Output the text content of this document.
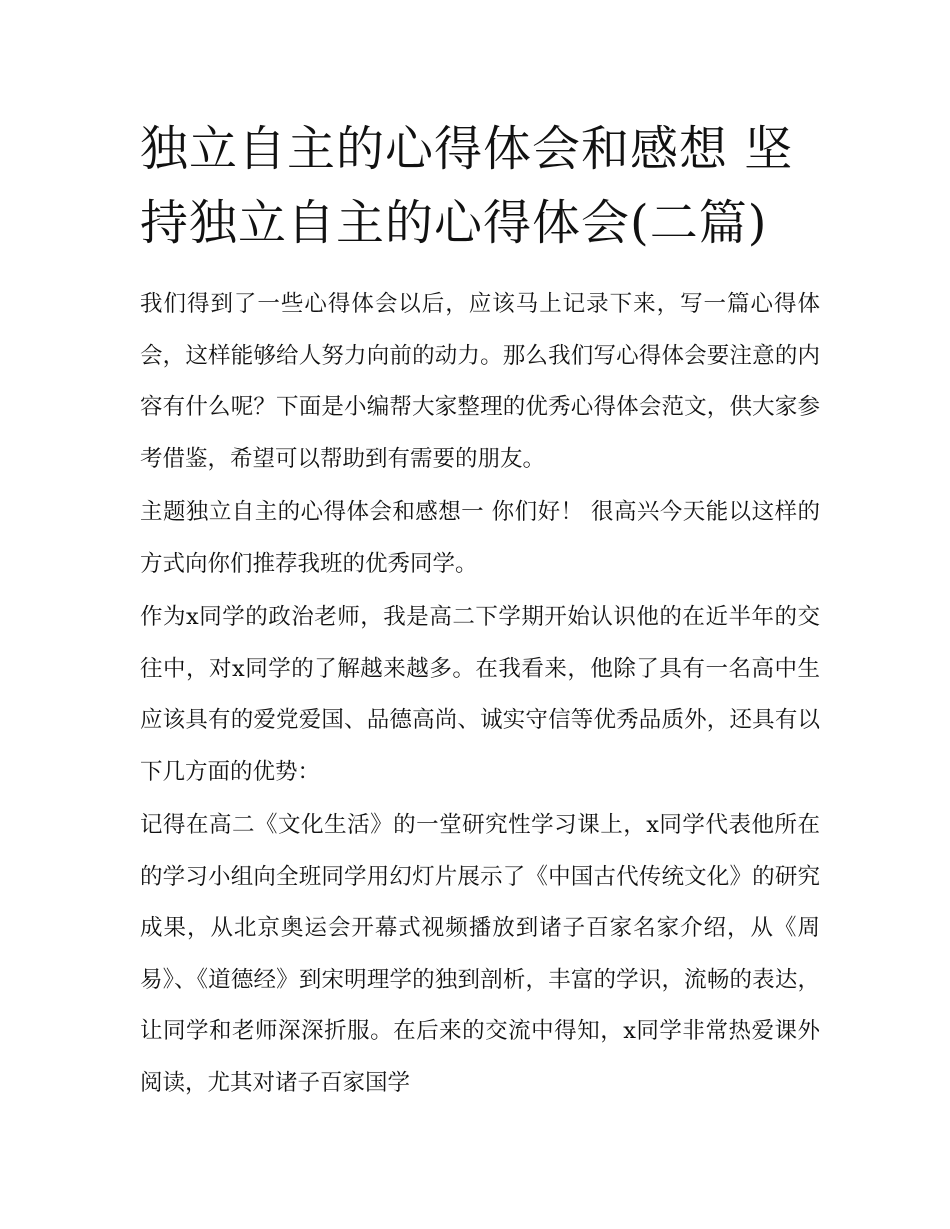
独立自主的心得体会和感想 坚持独立自主的心得体会(二篇)

我们得到了一些心得体会以后，应该马上记录下来，写一篇心得体会，这样能够给人努力向前的动力。那么我们写心得体会要注意的内容有什么呢？下面是小编帮大家整理的优秀心得体会范文，供大家参考借鉴，希望可以帮助到有需要的朋友。

主题独立自主的心得体会和感想一 你们好！ 很高兴今天能以这样的方式向你们推荐我班的优秀同学。

作为x同学的政治老师，我是高二下学期开始认识他的在近半年的交往中，对x同学的了解越来越多。在我看来，他除了具有一名高中生应该具有的爱党爱国、品德高尚、诚实守信等优秀品质外，还具有以下几方面的优势：

记得在高二《文化生活》的一堂研究性学习课上，x同学代表他所在的学习小组向全班同学用幻灯片展示了《中国古代传统文化》的研究成果，从北京奥运会开幕式视频播放到诸子百家名家介绍，从《周易》、《道德经》到宋明理学的独到剖析，丰富的学识，流畅的表达，让同学和老师深深折服。在后来的交流中得知，x同学非常热爱课外阅读，尤其对诸子百家国学
